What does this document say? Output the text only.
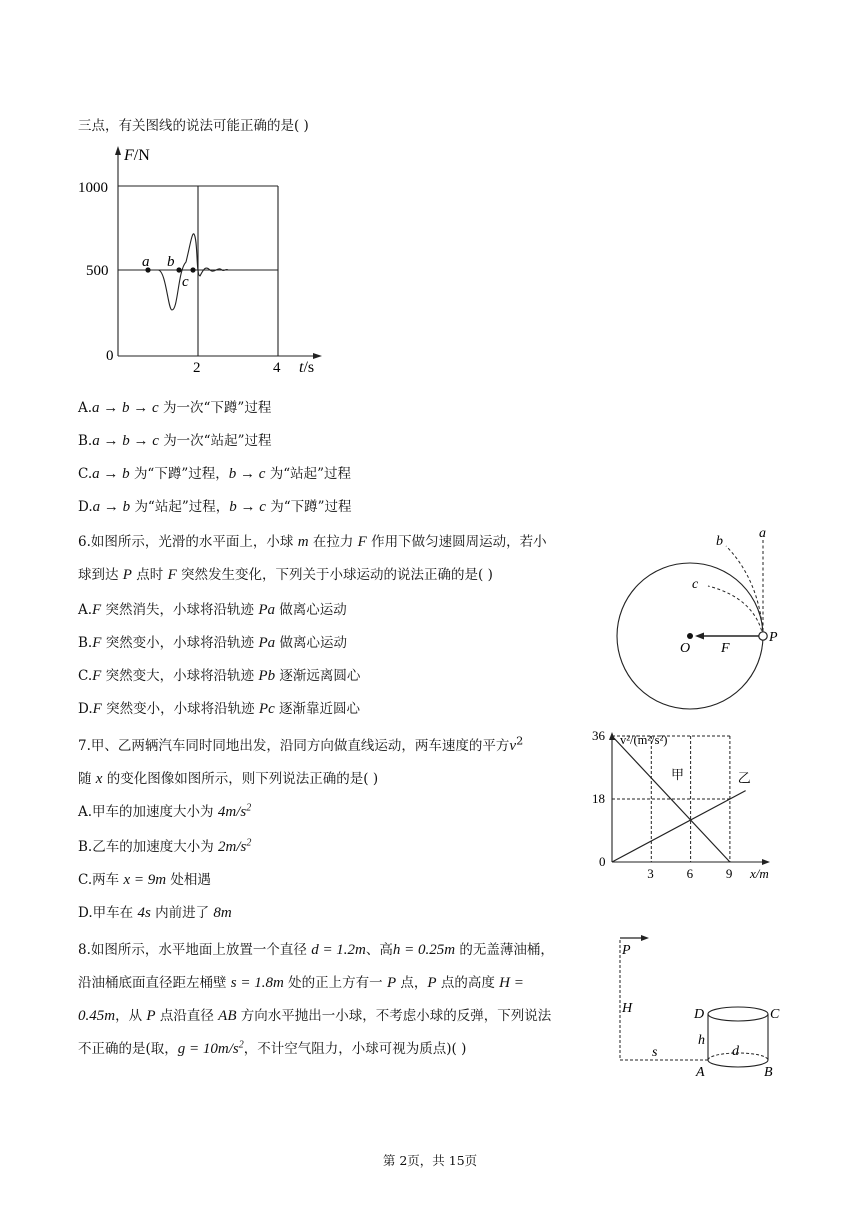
三点，有关图线的说法可能正确的是( )
F/N
1000
500
0
2	4 t/s
a b
c
A.a → b → c 为一次“下蹲”过程
B.a → b → c 为一次“站起”过程
C.a → b 为“下蹲”过程，b → c 为“站起”过程
D.a → b 为“站起”过程，b → c 为“下蹲”过程
6.如图所示，光滑的水平面上，小球 m 在拉力 F 作用下做匀速圆周运动，若小
球到达 P 点时 F 突然发生变化，下列关于小球运动的说法正确的是( )
A.F 突然消失，小球将沿轨迹 Pa 做离心运动
B.F 突然变小，小球将沿轨迹 Pa 做离心运动
C.F 突然变大，小球将沿轨迹 Pb 逐渐远离圆心
D.F 突然变小，小球将沿轨迹 Pc 逐渐靠近圆心
a
b
c
O F
P
7.甲、乙两辆汽车同时同地出发，沿同方向做直线运动，两车速度的平方$v^2$
随 x 的变化图像如图所示，则下列说法正确的是( )
A.甲车的加速度大小为 $4m/s^2$
B.乙车的加速度大小为 $2m/s^2$
C.两车 x = 9m 处相遇
D.甲车在 4s 内前进了 8m
甲	乙
3	6	9
0
18
36 v²/(m²/s²)
x/m
8.如图所示，水平地面上放置一个直径 d = 1.2m、高h = 0.25m 的无盖薄油桶，
沿油桶底面直径距左桶壁 s = 1.8m 处的正上方有一 P 点，P 点的高度 H =
0.45m，从 P 点沿直径 AB 方向水平抛出一小球，不考虑小球的反弹，下列说法
不正确的是(取，$g = 10m/s^2$，不计空气阻力，小球可视为质点)( )
P
H	D	C
h
d
s
A	B
第 2页，共 15页
